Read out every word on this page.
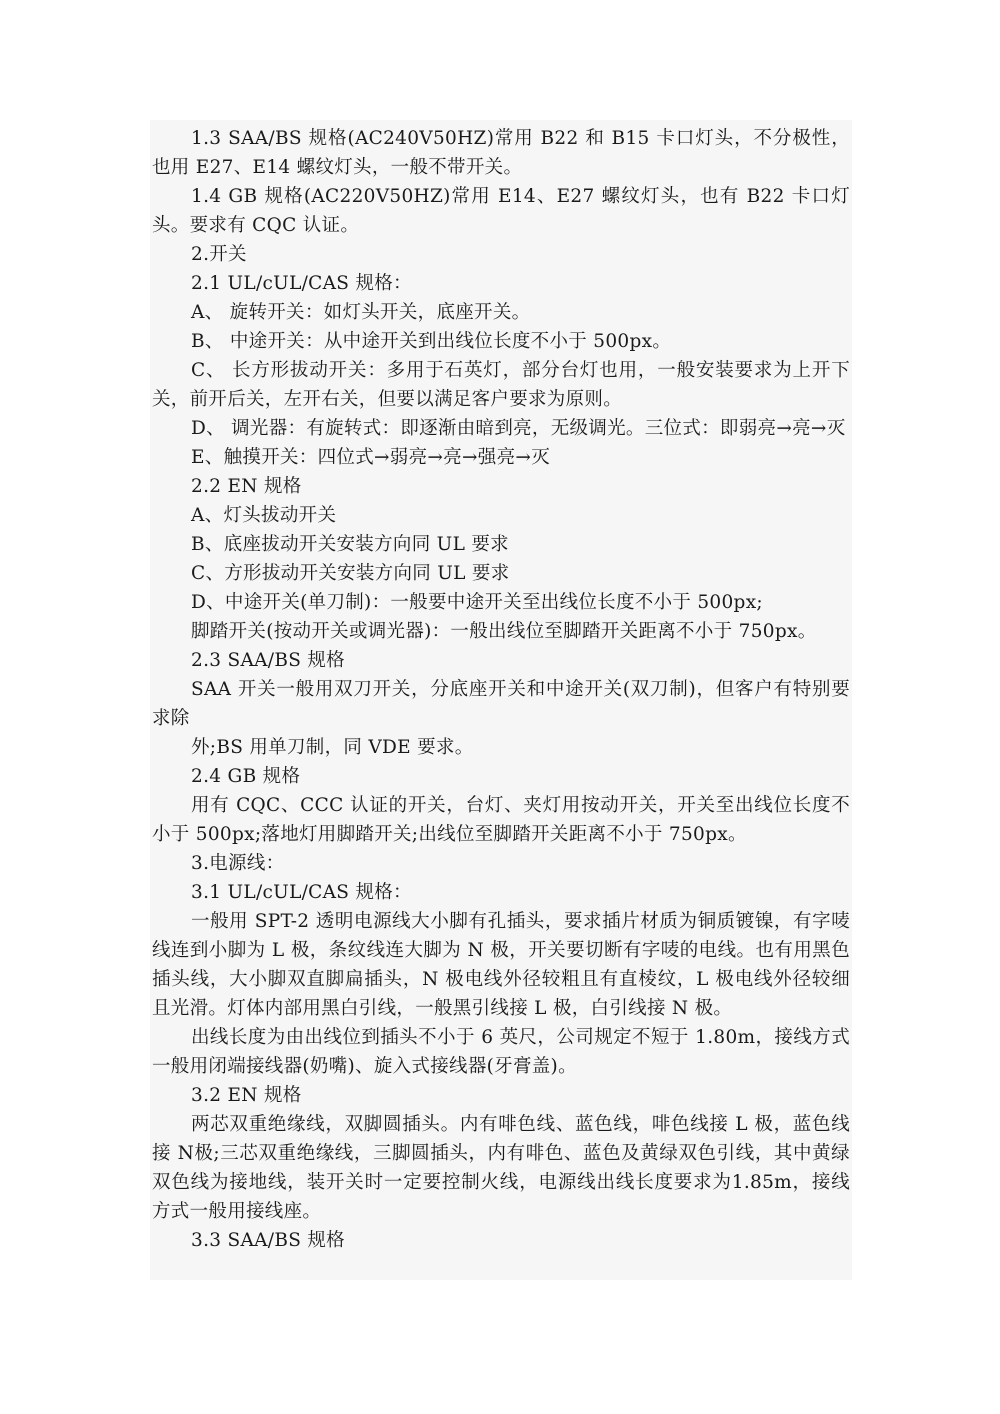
1.3 SAA/BS 规格(AC240V50HZ)常用 B22 和 B15 卡口灯头，不分极性，也用 E27、E14 螺纹灯头，一般不带开关。

1.4 GB 规格(AC220V50HZ)常用 E14、E27 螺纹灯头，也有 B22 卡口灯头。要求有 CQC 认证。

2.开关

2.1 UL/cUL/CAS 规格：

A、 旋转开关：如灯头开关，底座开关。

B、 中途开关：从中途开关到出线位长度不小于 500px。

C、 长方形拔动开关：多用于石英灯，部分台灯也用，一般安装要求为上开下关，前开后关，左开右关，但要以满足客户要求为原则。

D、 调光器：有旋转式：即逐渐由暗到亮，无级调光。三位式：即弱亮→亮→灭

E、触摸开关：四位式→弱亮→亮→强亮→灭

2.2 EN 规格

A、灯头拔动开关

B、底座拔动开关安装方向同 UL 要求

C、方形拔动开关安装方向同 UL 要求

D、中途开关(单刀制)：一般要中途开关至出线位长度不小于 500px;

脚踏开关(按动开关或调光器)：一般出线位至脚踏开关距离不小于 750px。

2.3 SAA/BS 规格

SAA 开关一般用双刀开关，分底座开关和中途开关(双刀制)，但客户有特别要求除

外;BS 用单刀制，同 VDE 要求。

2.4 GB 规格

用有 CQC、CCC 认证的开关，台灯、夹灯用按动开关，开关至出线位长度不小于 500px;落地灯用脚踏开关;出线位至脚踏开关距离不小于 750px。

3.电源线：

3.1 UL/cUL/CAS 规格：

一般用 SPT-2 透明电源线大小脚有孔插头，要求插片材质为铜质镀镍，有字唛线连到小脚为 L 极，条纹线连大脚为 N 极，开关要切断有字唛的电线。也有用黑色插头线，大小脚双直脚扁插头，N 极电线外径较粗且有直棱纹，L 极电线外径较细且光滑。灯体内部用黑白引线，一般黑引线接 L 极，白引线接 N 极。

出线长度为由出线位到插头不小于 6 英尺，公司规定不短于 1.80m，接线方式一般用闭端接线器(奶嘴)、旋入式接线器(牙膏盖)。

3.2 EN 规格

两芯双重绝缘线，双脚圆插头。内有啡色线、蓝色线，啡色线接 L 极，蓝色线接 N极;三芯双重绝缘线，三脚圆插头，内有啡色、蓝色及黄绿双色引线，其中黄绿双色线为接地线，装开关时一定要控制火线，电源线出线长度要求为1.85m，接线方式一般用接线座。

3.3 SAA/BS 规格
